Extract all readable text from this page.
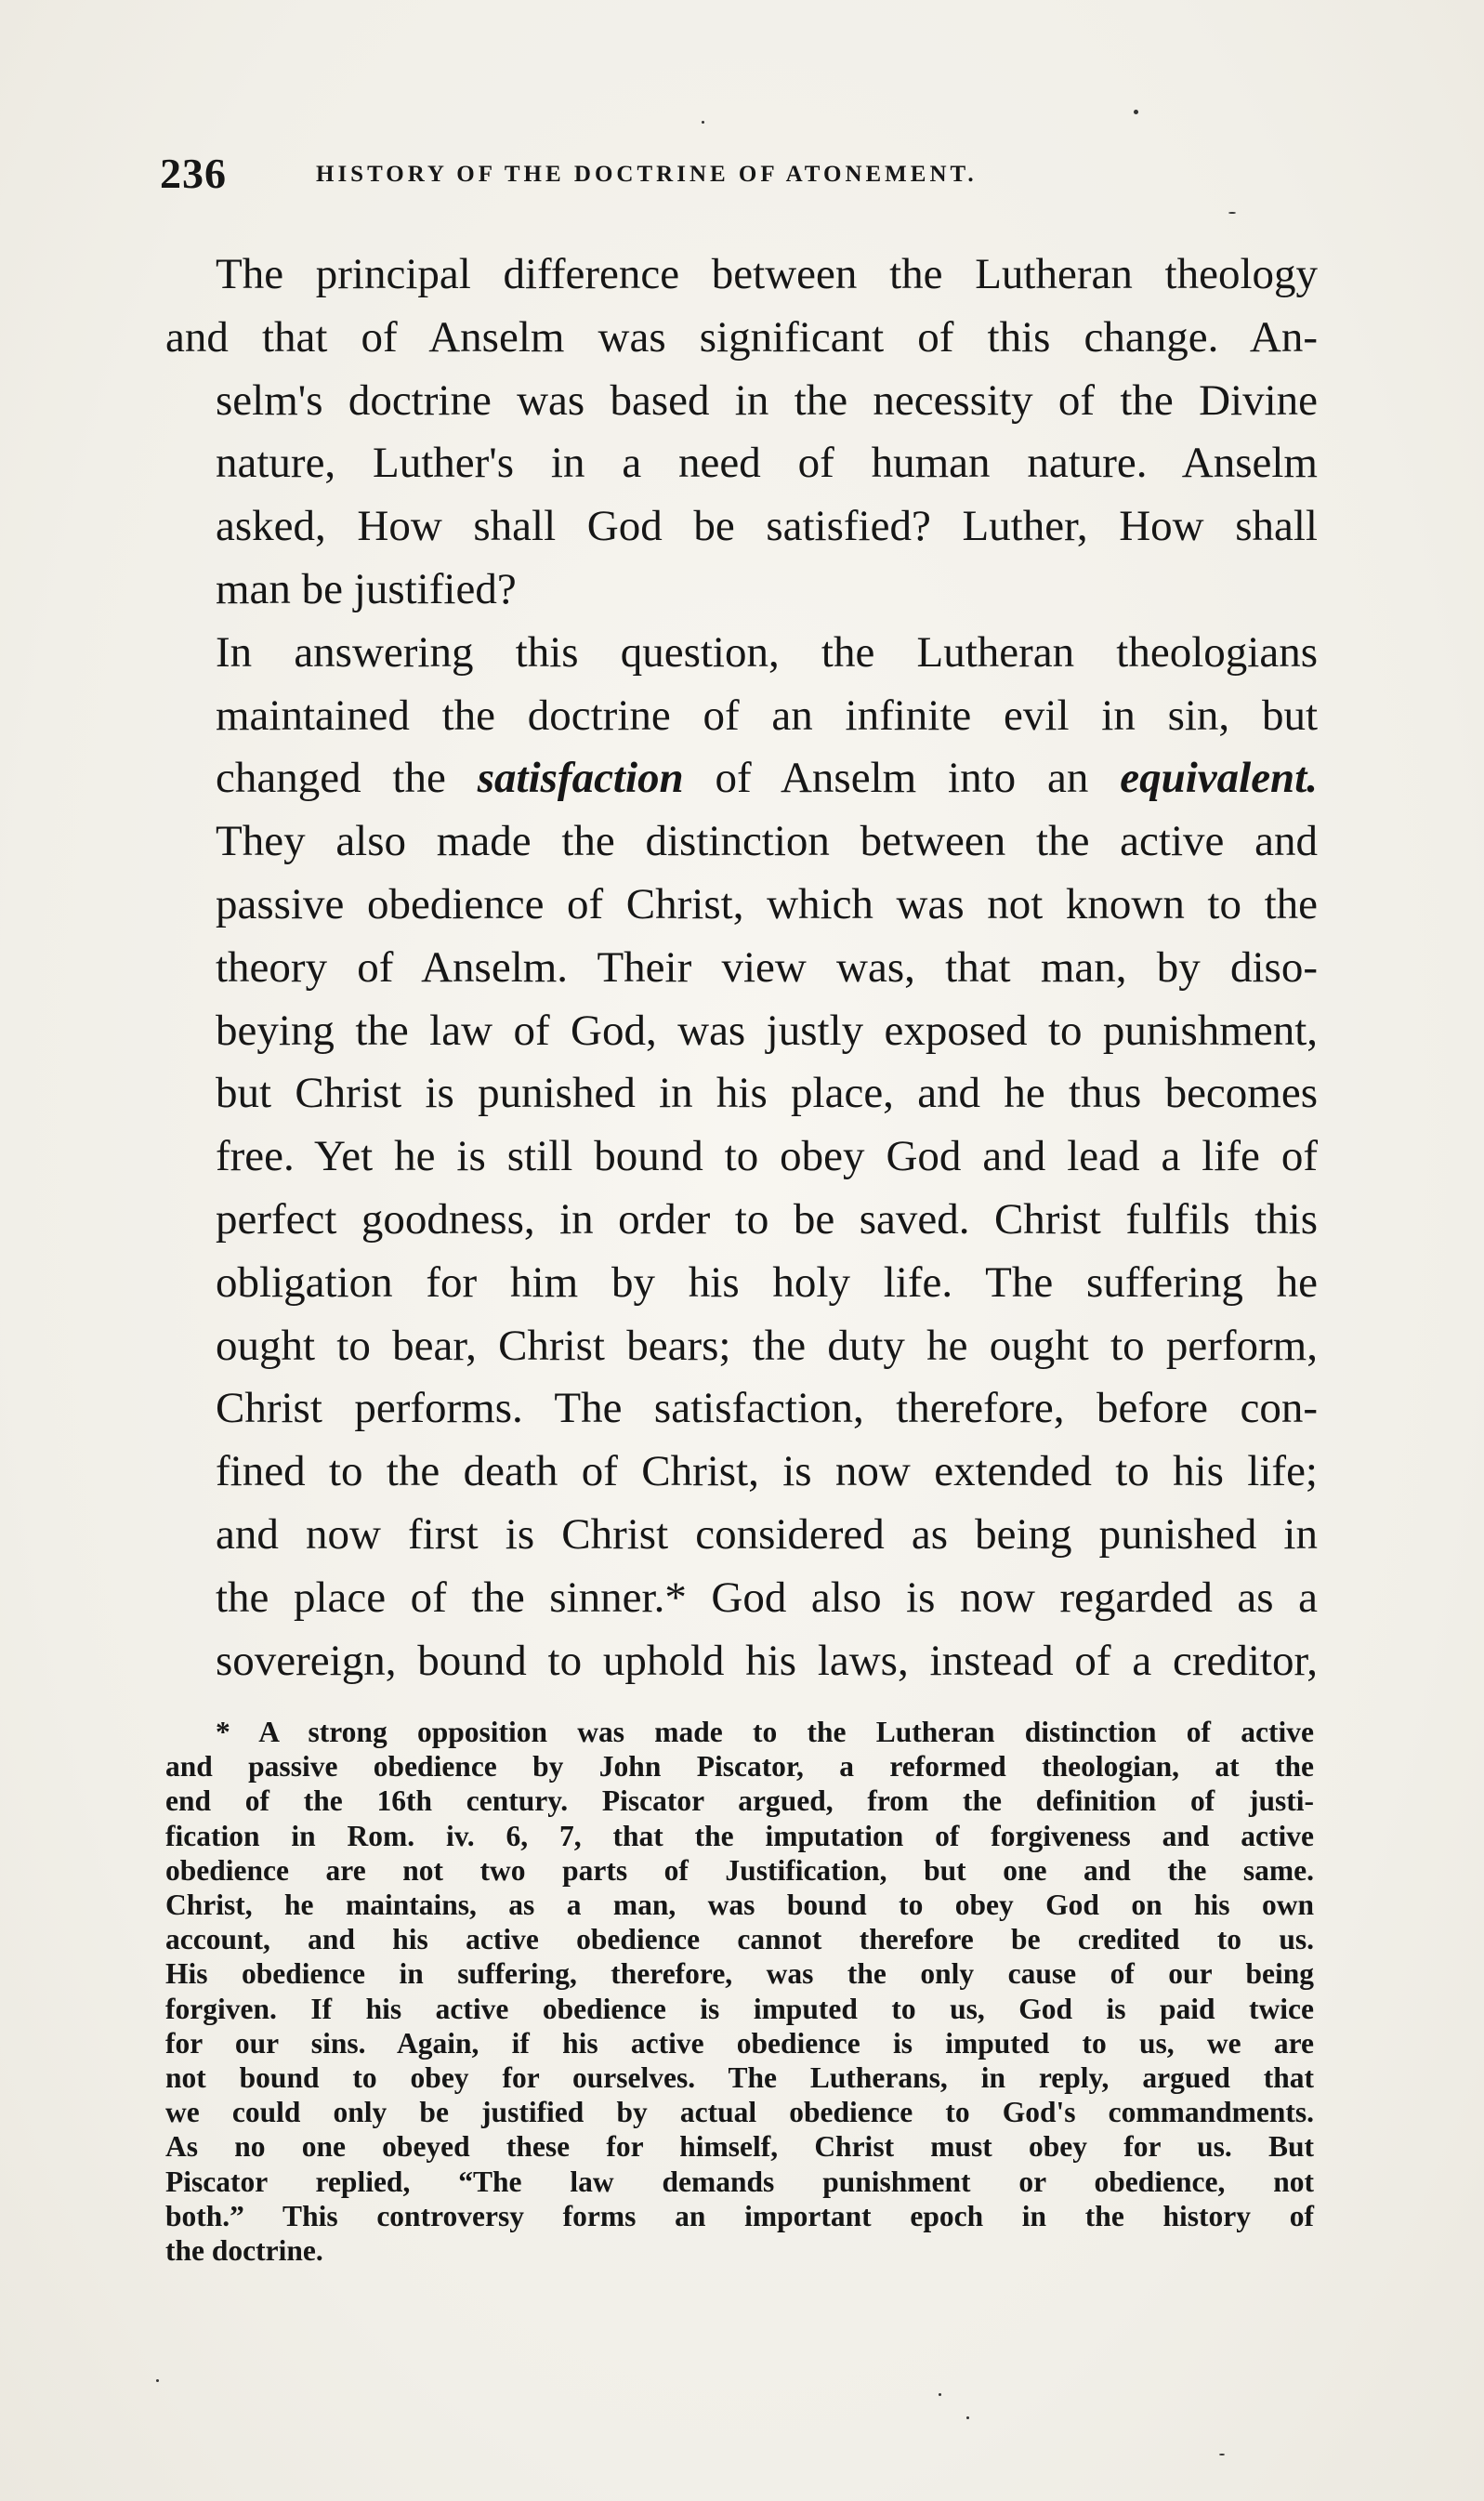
236	HISTORY OF THE DOCTRINE OF ATONEMENT.

The principal difference between the Lutheran theology
and that of Anselm was significant of this change. An-
selm's doctrine was based in the necessity of the Divine
nature, Luther's in a need of human nature. Anselm
asked, How shall God be satisfied? Luther, How shall
man be justified?

In answering this question, the Lutheran theologians
maintained the doctrine of an infinite evil in sin, but
changed the satisfaction of Anselm into an equivalent.
They also made the distinction between the active and
passive obedience of Christ, which was not known to the
theory of Anselm. Their view was, that man, by diso-
beying the law of God, was justly exposed to punishment,
but Christ is punished in his place, and he thus becomes
free. Yet he is still bound to obey God and lead a life of
perfect goodness, in order to be saved. Christ fulfils this
obligation for him by his holy life. The suffering he
ought to bear, Christ bears; the duty he ought to perform,
Christ performs. The satisfaction, therefore, before con-
fined to the death of Christ, is now extended to his life;
and now first is Christ considered as being punished in
the place of the sinner.* God also is now regarded as a
sovereign, bound to uphold his laws, instead of a creditor,

* A strong opposition was made to the Lutheran distinction of active
and passive obedience by John Piscator, a reformed theologian, at the
end of the 16th century. Piscator argued, from the definition of justi-
fication in Rom. iv. 6, 7, that the imputation of forgiveness and active
obedience are not two parts of Justification, but one and the same.
Christ, he maintains, as a man, was bound to obey God on his own
account, and his active obedience cannot therefore be credited to us.
His obedience in suffering, therefore, was the only cause of our being
forgiven. If his active obedience is imputed to us, God is paid twice
for our sins. Again, if his active obedience is imputed to us, we are
not bound to obey for ourselves. The Lutherans, in reply, argued that
we could only be justified by actual obedience to God's commandments.
As no one obeyed these for himself, Christ must obey for us. But
Piscator replied, “The law demands punishment or obedience, not
both.” This controversy forms an important epoch in the history of
the doctrine.
